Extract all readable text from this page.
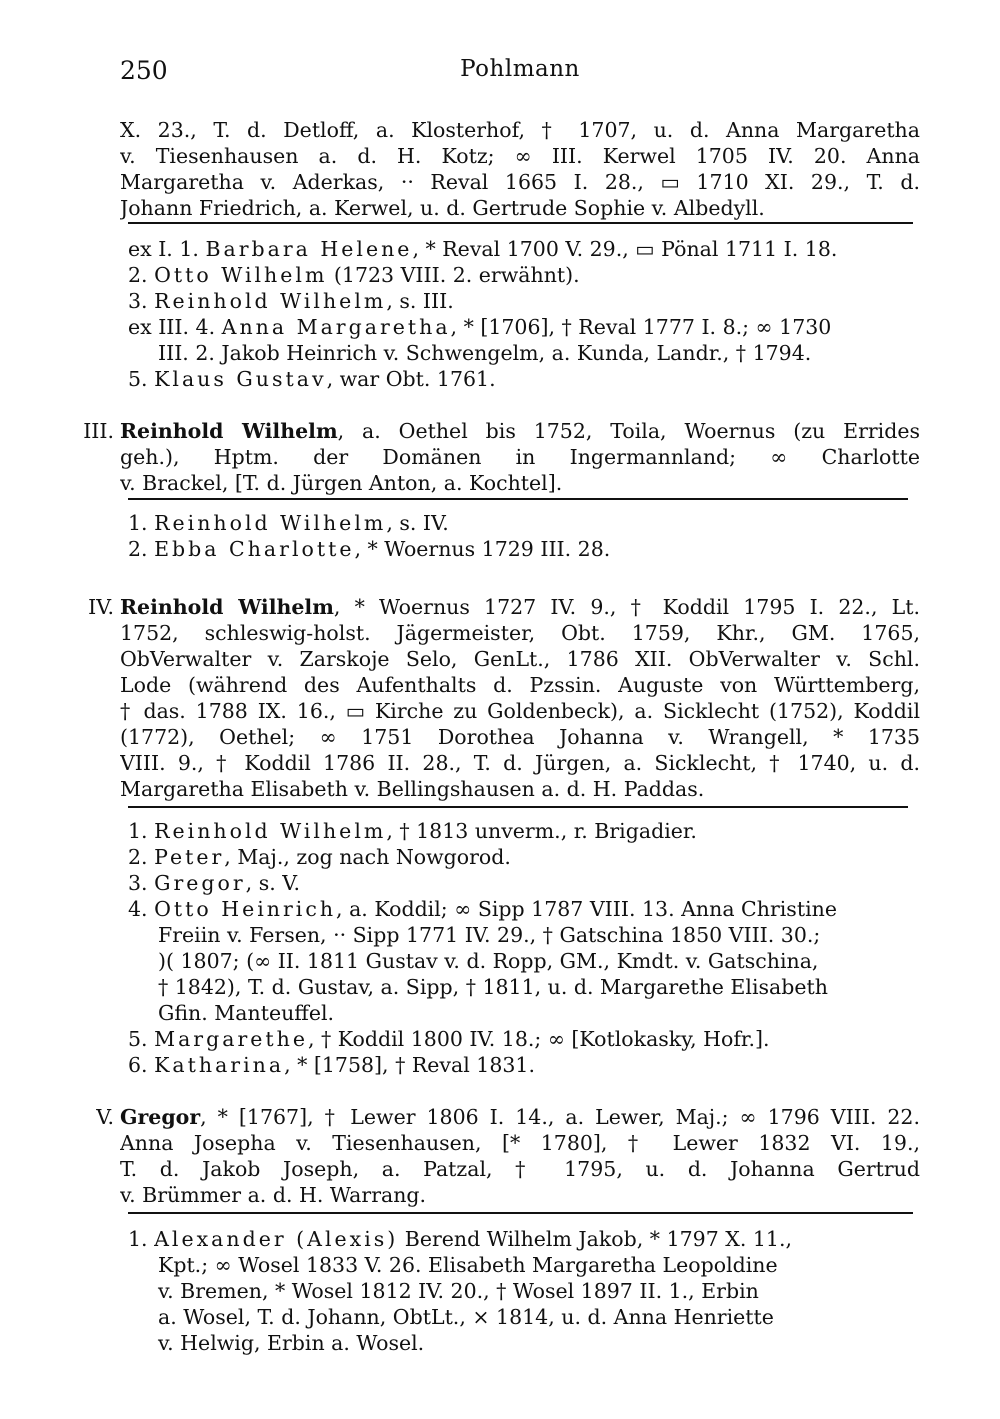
250	Pohlmann
X. 23., T. d. Detloff, a. Klosterhof, † 1707, u. d. Anna Margaretha
v. Tiesenhausen a. d. H. Kotz; ∞ III. Kerwel 1705 IV. 20. Anna
Margaretha v. Aderkas, ·· Reval 1665 I. 28., ▭ 1710 XI. 29., T. d.
Johann Friedrich, a. Kerwel, u. d. Gertrude Sophie v. Albedyll.
ex I. 1. Barbara Helene, * Reval 1700 V. 29., ▭ Pönal 1711 I. 18.
2. Otto Wilhelm (1723 VIII. 2. erwähnt).
3. Reinhold Wilhelm, s. III.
ex III. 4. Anna Margaretha, * [1706], † Reval 1777 I. 8.; ∞ 1730
III. 2. Jakob Heinrich v. Schwengelm, a. Kunda, Landr., † 1794.
5. Klaus Gustav, war Obt. 1761.
III. Reinhold Wilhelm, a. Oethel bis 1752, Toila, Woernus (zu Errides
geh.), Hptm. der Domänen in Ingermannland; ∞ Charlotte
v. Brackel, [T. d. Jürgen Anton, a. Kochtel].
1. Reinhold Wilhelm, s. IV.
2. Ebba Charlotte, * Woernus 1729 III. 28.
IV. Reinhold Wilhelm, * Woernus 1727 IV. 9., † Koddil 1795 I. 22., Lt.
1752, schleswig-holst. Jägermeister, Obt. 1759, Khr., GM. 1765,
ObVerwalter v. Zarskoje Selo, GenLt., 1786 XII. ObVerwalter v. Schl.
Lode (während des Aufenthalts d. Pzssin. Auguste von Württemberg,
† das. 1788 IX. 16., ▭ Kirche zu Goldenbeck), a. Sicklecht (1752), Koddil
(1772), Oethel; ∞ 1751 Dorothea Johanna v. Wrangell, * 1735
VIII. 9., † Koddil 1786 II. 28., T. d. Jürgen, a. Sicklecht, † 1740, u. d.
Margaretha Elisabeth v. Bellingshausen a. d. H. Paddas.
1. Reinhold Wilhelm, † 1813 unverm., r. Brigadier.
2. Peter, Maj., zog nach Nowgorod.
3. Gregor, s. V.
4. Otto Heinrich, a. Koddil; ∞ Sipp 1787 VIII. 13. Anna Christine
Freiin v. Fersen, ·· Sipp 1771 IV. 29., † Gatschina 1850 VIII. 30.;
)( 1807; (∞ II. 1811 Gustav v. d. Ropp, GM., Kmdt. v. Gatschina,
† 1842), T. d. Gustav, a. Sipp, † 1811, u. d. Margarethe Elisabeth
Gfin. Manteuffel.
5. Margarethe, † Koddil 1800 IV. 18.; ∞ [Kotlokasky, Hofr.].
6. Katharina, * [1758], † Reval 1831.
V. Gregor, * [1767], † Lewer 1806 I. 14., a. Lewer, Maj.; ∞ 1796 VIII. 22.
Anna Josepha v. Tiesenhausen, [* 1780], † Lewer 1832 VI. 19.,
T. d. Jakob Joseph, a. Patzal, † 1795, u. d. Johanna Gertrud
v. Brümmer a. d. H. Warrang.
1. Alexander (Alexis) Berend Wilhelm Jakob, * 1797 X. 11.,
Kpt.; ∞ Wosel 1833 V. 26. Elisabeth Margaretha Leopoldine
v. Bremen, * Wosel 1812 IV. 20., † Wosel 1897 II. 1., Erbin
a. Wosel, T. d. Johann, ObtLt., × 1814, u. d. Anna Henriette
v. Helwig, Erbin a. Wosel.
